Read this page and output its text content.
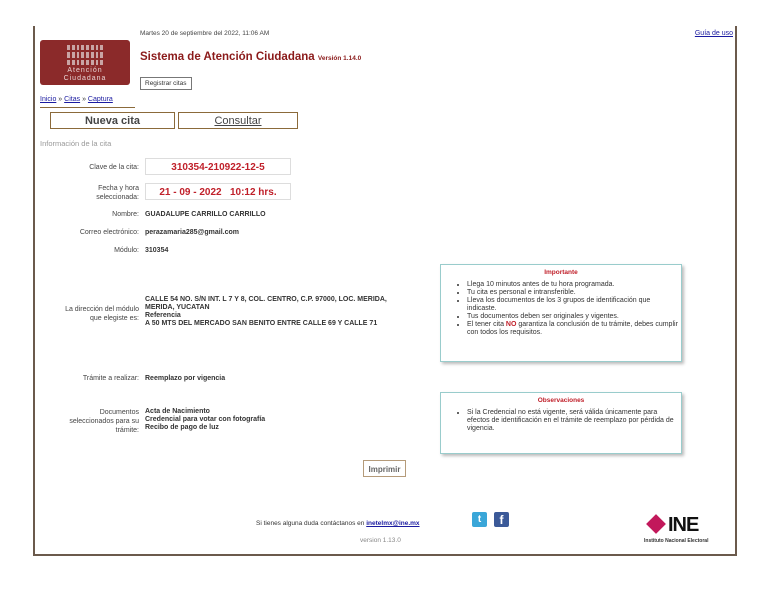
Atención
Ciudadana
Martes 20 de septiembre del 2022, 11:06 AM	Guía de uso
Sistema de Atención Ciudadana Versión 1.14.0
Registrar citas
Inicio » Citas » Captura
Nueva cita	Consultar
Información de la cita
Clave de la cita:	310354-210922-12-5
Fecha y hora
seleccionada:	21 - 09 - 2022   10:12 hrs.
Nombre: GUADALUPE CARRILLO CARRILLO
Correo electrónico: perazamaria285@gmail.com
Módulo: 310354
La dirección del módulo
que elegiste es:
CALLE 54 NO. S/N INT. L 7 Y 8, COL. CENTRO, C.P. 97000, LOC. MERIDA,
MERIDA, YUCATAN
Referencia
A 50 MTS DEL MERCADO SAN BENITO ENTRE CALLE 69 Y CALLE 71
Trámite a realizar: Reemplazo por vigencia
Documentos
seleccionados para su
trámite:
Acta de Nacimiento
Credencial para votar con fotografía
Recibo de pago de luz
Importante
• Llega 10 minutos antes de tu hora programada.
• Tu cita es personal e intransferible.
• Lleva los documentos de los 3 grupos de identificación que indicaste.
• Tus documentos deben ser originales y vigentes.
• El tener cita NO garantiza la conclusión de tu trámite, debes cumplir con todos los requisitos.
Observaciones
• Si la Credencial no está vigente, será válida únicamente para efectos de identificación en el trámite de reemplazo por pérdida de vigencia.
Imprimir
Si tienes alguna duda contáctanos en inetelmx@ine.mx	t	f
version 1.13.0
INE
Instituto Nacional Electoral
